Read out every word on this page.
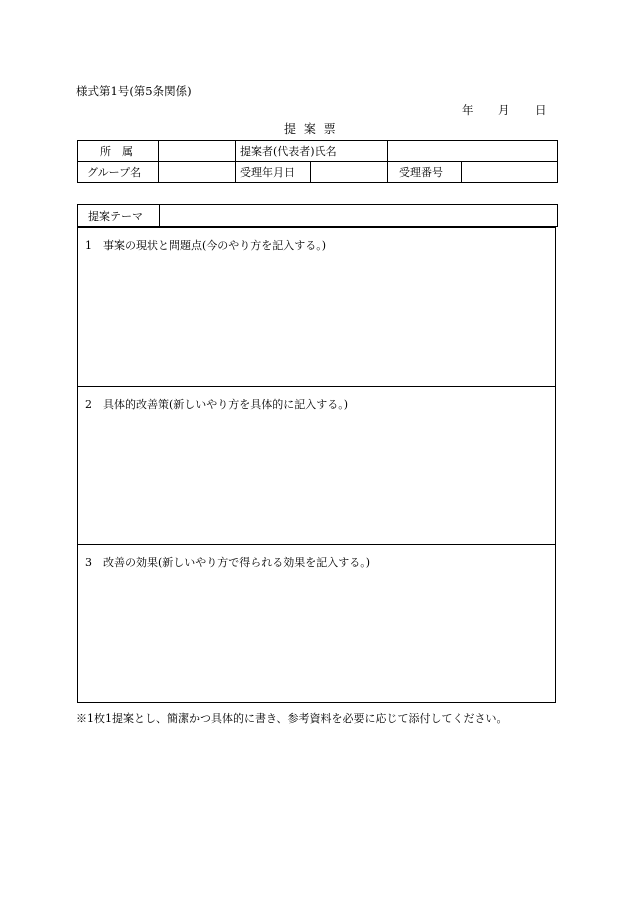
様式第1号(第5条関係)
年 月 日
提 案 票
所　属		提案者(代表者)氏名			
グループ名		受理年月日		受理番号	
提案テーマ	
1　事案の現状と問題点(今のやり方を記入する。)
2　具体的改善策(新しいやり方を具体的に記入する。)
3　改善の効果(新しいやり方で得られる効果を記入する。)
※1枚1提案とし、簡潔かつ具体的に書き、参考資料を必要に応じて添付してください。
